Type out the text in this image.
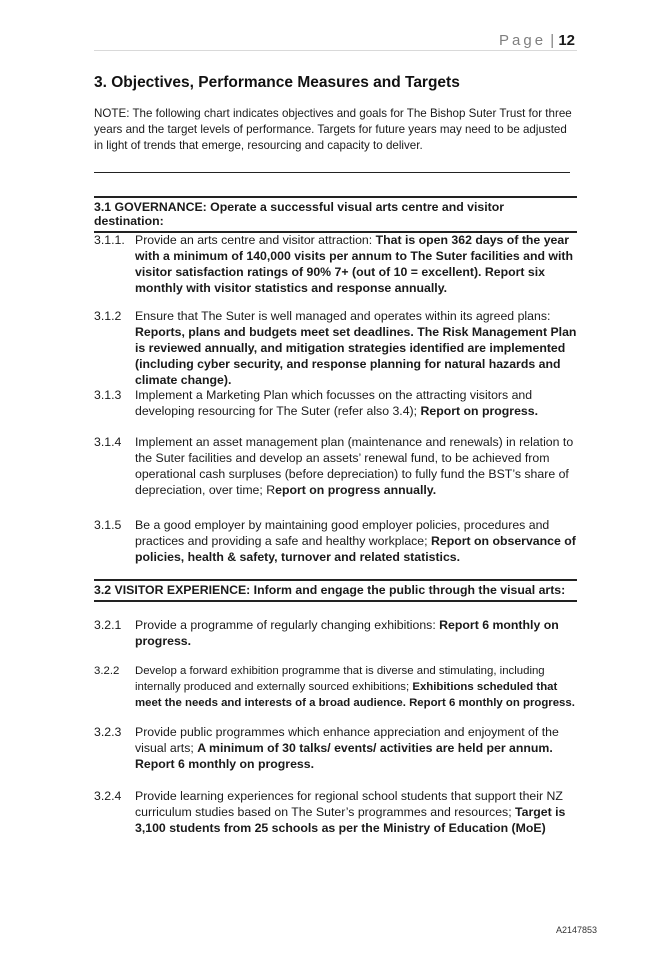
Page | 12
3. Objectives, Performance Measures and Targets
NOTE: The following chart indicates objectives and goals for The Bishop Suter Trust for three years and the target levels of performance. Targets for future years may need to be adjusted in light of trends that emerge, resourcing and capacity to deliver.
3.1 GOVERNANCE: Operate a successful visual arts centre and visitor destination:
3.1.1. Provide an arts centre and visitor attraction: That is open 362 days of the year with a minimum of 140,000 visits per annum to The Suter facilities and with visitor satisfaction ratings of 90% 7+ (out of 10 = excellent). Report six monthly with visitor statistics and response annually.
3.1.2 Ensure that The Suter is well managed and operates within its agreed plans: Reports, plans and budgets meet set deadlines. The Risk Management Plan is reviewed annually, and mitigation strategies identified are implemented (including cyber security, and response planning for natural hazards and climate change).
3.1.3 Implement a Marketing Plan which focusses on the attracting visitors and developing resourcing for The Suter (refer also 3.4); Report on progress.
3.1.4 Implement an asset management plan (maintenance and renewals) in relation to the Suter facilities and develop an assets’ renewal fund, to be achieved from operational cash surpluses (before depreciation) to fully fund the BST’s share of depreciation, over time; Report on progress annually.
3.1.5 Be a good employer by maintaining good employer policies, procedures and practices and providing a safe and healthy workplace; Report on observance of policies, health & safety, turnover and related statistics.
3.2 VISITOR EXPERIENCE: Inform and engage the public through the visual arts:
3.2.1 Provide a programme of regularly changing exhibitions: Report 6 monthly on progress.
3.2.2 Develop a forward exhibition programme that is diverse and stimulating, including internally produced and externally sourced exhibitions; Exhibitions scheduled that meet the needs and interests of a broad audience. Report 6 monthly on progress.
3.2.3 Provide public programmes which enhance appreciation and enjoyment of the visual arts; A minimum of 30 talks/ events/ activities are held per annum. Report 6 monthly on progress.
3.2.4 Provide learning experiences for regional school students that support their NZ curriculum studies based on The Suter’s programmes and resources; Target is 3,100 students from 25 schools as per the Ministry of Education (MoE)
A2147853
